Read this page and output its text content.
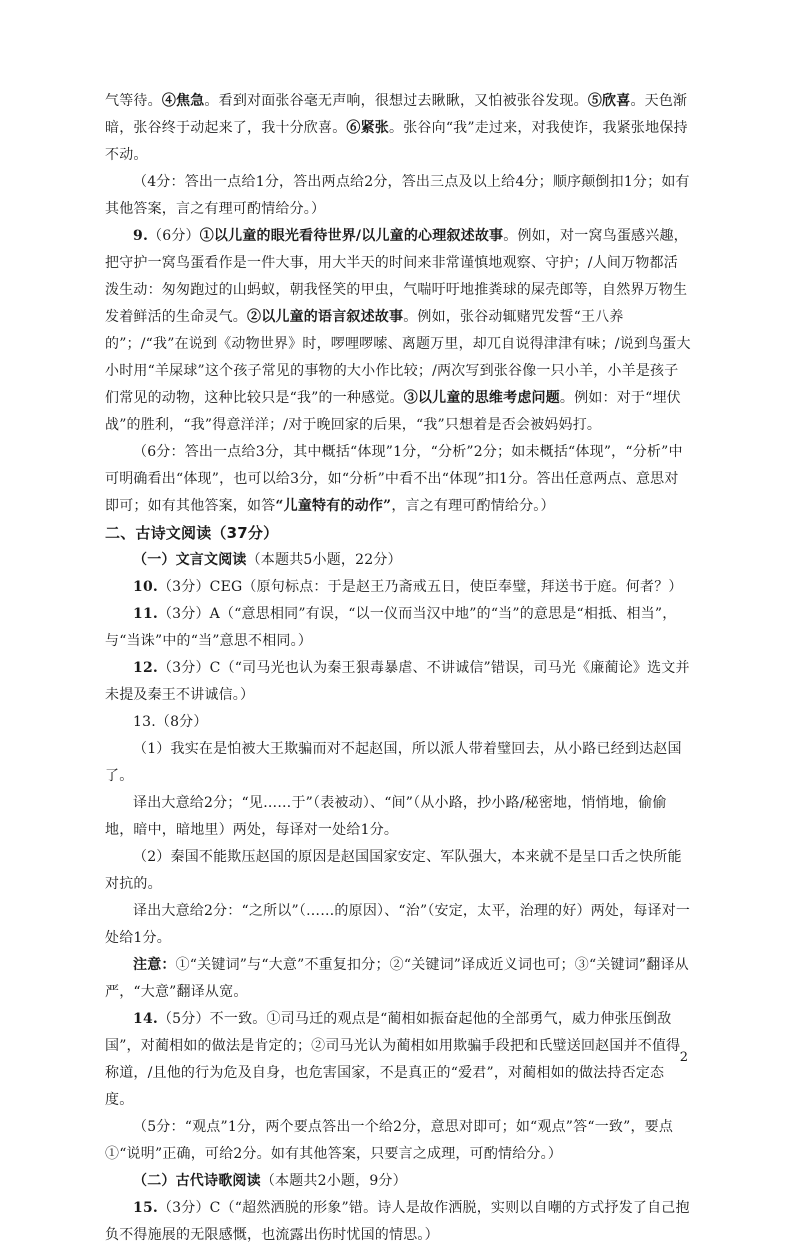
气等待。④焦急。看到对面张谷毫无声响，很想过去瞅瞅，又怕被张谷发现。⑤欣喜。天色渐暗，张谷终于动起来了，我十分欣喜。⑥紧张。张谷向“我”走过来，对我使诈，我紧张地保持不动。

（4分：答出一点给1分，答出两点给2分，答出三点及以上给4分；顺序颠倒扣1分；如有其他答案，言之有理可酌情给分。）

9.（6分）①以儿童的眼光看待世界/以儿童的心理叙述故事。例如，对一窝鸟蛋感兴趣，把守护一窝鸟蛋看作是一件大事，用大半天的时间来非常谨慎地观察、守护；/人间万物都活泼生动：匆匆跑过的山蚂蚁，朝我怪笑的甲虫，气喘吁吁地推粪球的屎壳郎等，自然界万物生发着鲜活的生命灵气。②以儿童的语言叙述故事。例如，张谷动辄赌咒发誓“王八养的”；/“我”在说到《动物世界》时，啰哩啰嗦、离题万里，却兀自说得津津有味；/说到鸟蛋大小时用“羊屎球”这个孩子常见的事物的大小作比较；/两次写到张谷像一只小羊，小羊是孩子们常见的动物，这种比较只是“我”的一种感觉。③以儿童的思维考虑问题。例如：对于“埋伏战”的胜利，“我”得意洋洋；/对于晚回家的后果，“我”只想着是否会被妈妈打。

（6分：答出一点给3分，其中概括“体现”1分，“分析”2分；如未概括“体现”，“分析”中可明确看出“体现”，也可以给3分，如“分析”中看不出“体现”扣1分。答出任意两点、意思对即可；如有其他答案，如答“儿童特有的动作”，言之有理可酌情给分。）

二、古诗文阅读（37分）

（一）文言文阅读（本题共5小题，22分）

10.（3分）CEG（原句标点：于是赵王乃斋戒五日，使臣奉璧，拜送书于庭。何者？）

11.（3分）A（“意思相同”有误，“以一仪而当汉中地”的“当”的意思是“相抵、相当”，与“当诛”中的“当”意思不相同。）

12.（3分）C（“司马光也认为秦王狠毒暴虐、不讲诚信”错误，司马光《廉蔺论》选文并未提及秦王不讲诚信。）

13.（8分）

（1）我实在是怕被大王欺骗而对不起赵国，所以派人带着璧回去，从小路已经到达赵国了。

译出大意给2分；“见……于”（表被动）、“间”（从小路，抄小路/秘密地，悄悄地，偷偷地，暗中，暗地里）两处，每译对一处给1分。

（2）秦国不能欺压赵国的原因是赵国国家安定、军队强大，本来就不是呈口舌之快所能对抗的。

译出大意给2分：“之所以”（……的原因）、“治”（安定，太平，治理的好）两处，每译对一处给1分。

注意：①“关键词”与“大意”不重复扣分；②“关键词”译成近义词也可；③“关键词”翻译从严，“大意”翻译从宽。

14.（5分）不一致。①司马迁的观点是“蔺相如振奋起他的全部勇气，威力伸张压倒敌国”，对蔺相如的做法是肯定的；②司马光认为蔺相如用欺骗手段把和氏璧送回赵国并不值得称道，/且他的行为危及自身，也危害国家，不是真正的“爱君”，对蔺相如的做法持否定态度。

（5分：“观点”1分，两个要点答出一个给2分，意思对即可；如“观点”答“一致”，要点①“说明”正确，可给2分。如有其他答案，只要言之成理，可酌情给分。）

（二）古代诗歌阅读（本题共2小题，9分）

15.（3分）C（“超然洒脱的形象”错。诗人是故作洒脱，实则以自嘲的方式抒发了自己抱负不得施展的无限感慨，也流露出伤时忧国的情思。）

2
